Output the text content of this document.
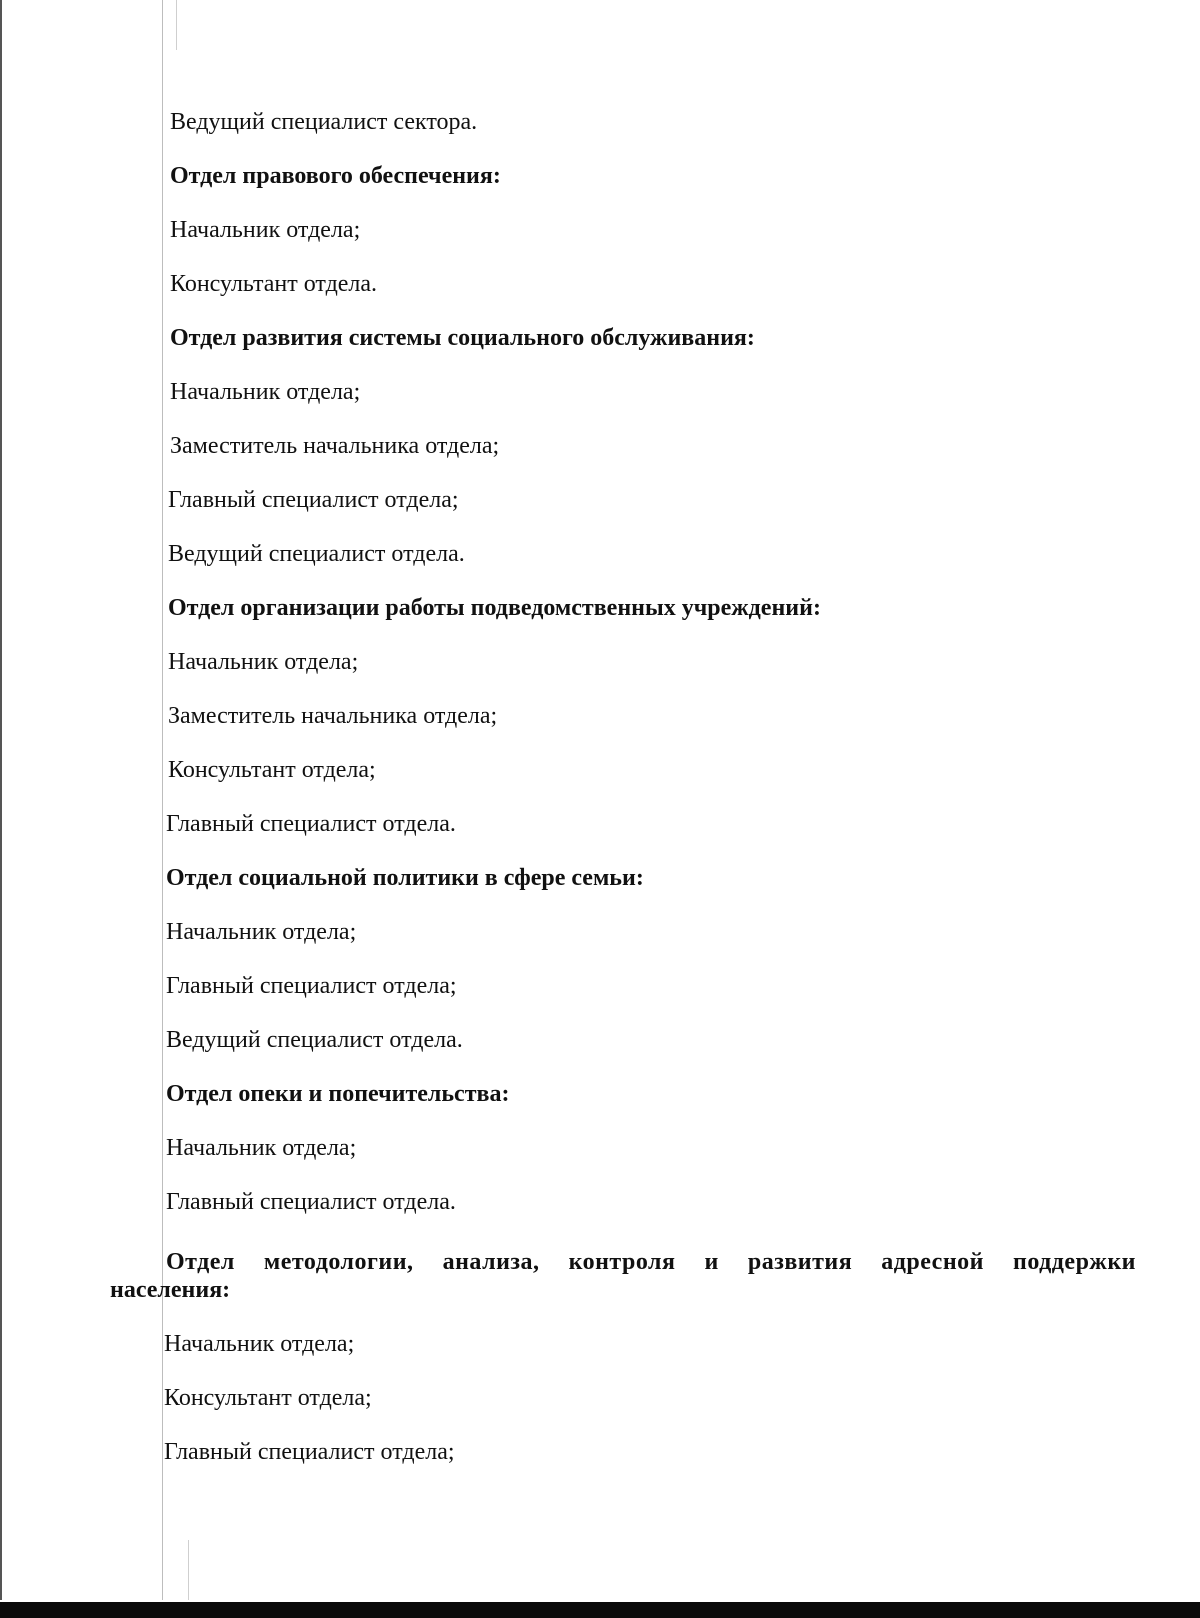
Ведущий специалист сектора.
Отдел правового обеспечения:
Начальник отдела;
Консультант отдела.
Отдел развития системы социального обслуживания:
Начальник отдела;
Заместитель начальника отдела;
Главный специалист отдела;
Ведущий специалист отдела.
Отдел организации работы подведомственных учреждений:
Начальник отдела;
Заместитель начальника отдела;
Консультант отдела;
Главный специалист отдела.
Отдел социальной политики в сфере семьи:
Начальник отдела;
Главный специалист отдела;
Ведущий специалист отдела.
Отдел опеки и попечительства:
Начальник отдела;
Главный специалист отдела.
Отдел методологии, анализа, контроля и развития адресной поддержки
населения:
Начальник отдела;
Консультант отдела;
Главный специалист отдела;
